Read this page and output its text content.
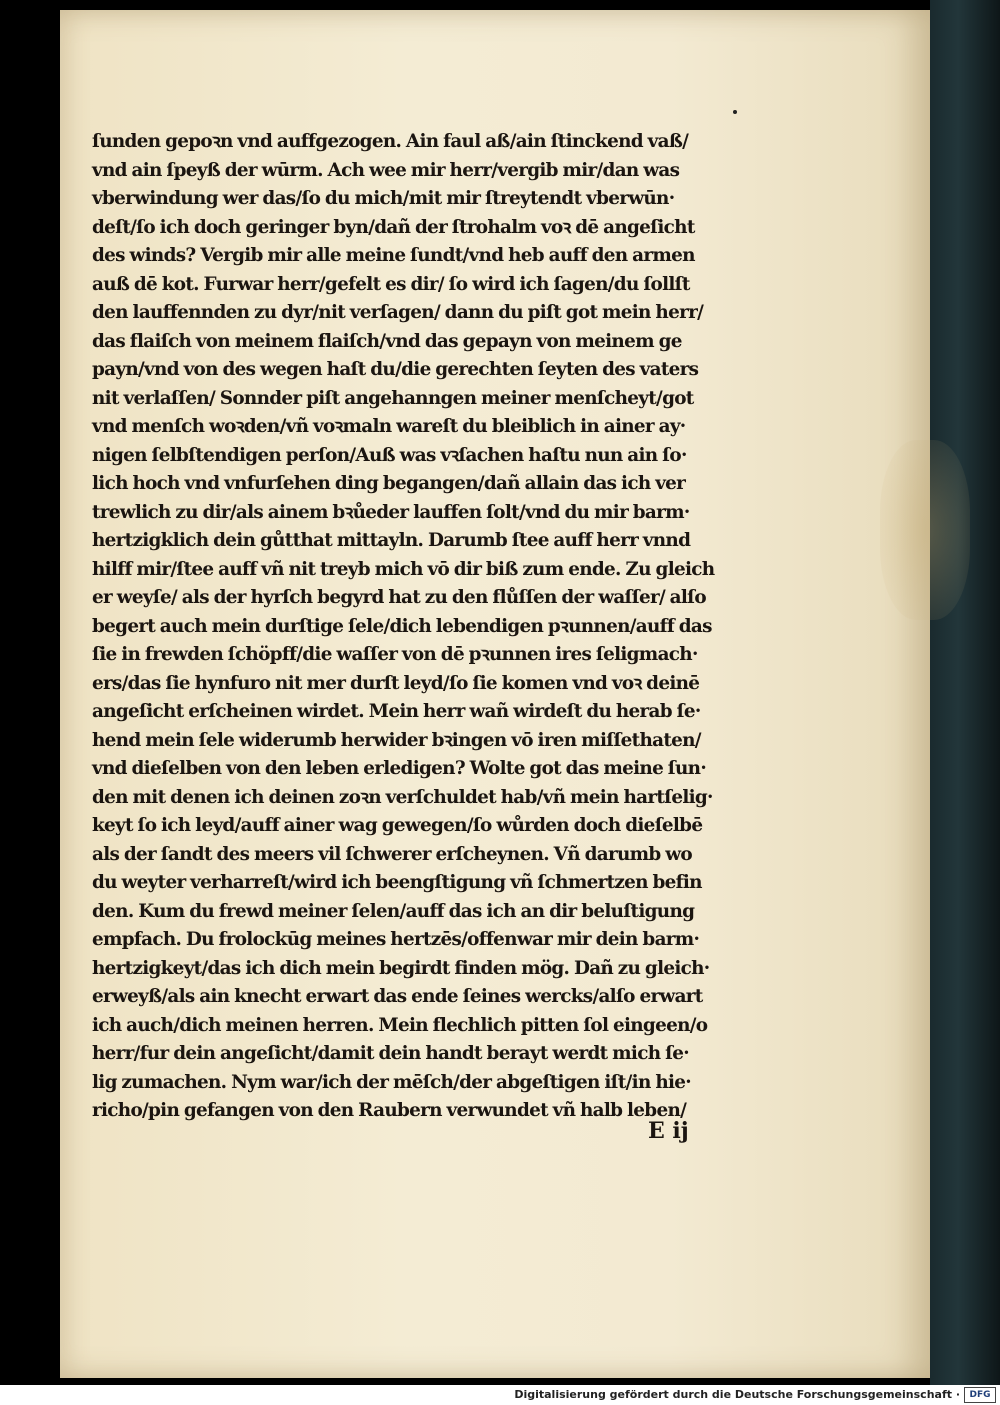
ſunden gepoꝛn vnd auffgezogen. Ain faul aß/ain ſtinckend vaß/
vnd ain ſpeyß der wūrm. Ach wee mir herr/vergib mir/dan was
vberwindung wer das/ſo du mich/mit mir ſtreytendt vberwūn·
deſt/ſo ich doch geringer byn/dañ der ſtrohalm voꝛ dē angeſicht
des winds? Vergib mir alle meine ſundt/vnd heb auff den armen
auß dē kot. Furwar herr/gefelt es dir/ ſo wird ich ſagen/du ſollſt
den lauffennden zu dyr/nit verſagen/ dann du piſt got mein herr/
das flaiſch von meinem flaiſch/vnd das gepayn von meinem ge
payn/vnd von des wegen haſt du/die gerechten ſeyten des vaters
nit verlaſſen/ Sonnder piſt angehanngen meiner menſcheyt/got
vnd menſch woꝛden/vñ voꝛmaln wareſt du bleiblich in ainer ay·
nigen ſelbſtendigen perſon/Auß was vꝛſachen haſtu nun ain ſo·
lich hoch vnd vnfurſehen ding begangen/dañ allain das ich ver
trewlich zu dir/als ainem bꝛůeder lauffen ſolt/vnd du mir barm·
hertzigklich dein gůtthat mittayln. Darumb ſtee auff herr vnnd
hilff mir/ſtee auff vñ nit treyb mich vō dir biß zum ende. Zu gleich
er weyſe/ als der hyrſch begyrd hat zu den flůſſen der waſſer/ alſo
begert auch mein durſtige ſele/dich lebendigen pꝛunnen/auff das
ſie in frewden ſchöpff/die waſſer von dē pꝛunnen ires ſeligmach·
ers/das ſie hynfuro nit mer durſt leyd/ſo ſie komen vnd voꝛ deinē
angeſicht erſcheinen wirdet. Mein herr wañ wirdeſt du herab ſe·
hend mein ſele widerumb herwider bꝛingen vō iren miſſethaten/
vnd dieſelben von den leben erledigen? Wolte got das meine ſun·
den mit denen ich deinen zoꝛn verſchuldet hab/vñ mein hartſelig·
keyt ſo ich leyd/auff ainer wag gewegen/ſo wůrden doch dieſelbē
als der ſandt des meers vil ſchwerer erſcheynen. Vñ darumb wo
du weyter verharreſt/wird ich beengſtigung vñ ſchmertzen befin
den. Kum du frewd meiner ſelen/auff das ich an dir beluſtigung
empfach. Du frolockūg meines hertzēs/offenwar mir dein barm·
hertzigkeyt/das ich dich mein begirdt finden mög. Dañ zu gleich·
erweyß/als ain knecht erwart das ende ſeines wercks/alſo erwart
ich auch/dich meinen herren. Mein flechlich pitten ſol eingeen/o
herr/fur dein angeſicht/damit dein handt berayt werdt mich ſe·
lig zumachen. Nym war/ich der mēſch/der abgeſtigen iſt/in hie·
richo/pin gefangen von den Raubern verwundet vñ halb leben/
E ij
Digitalisierung gefördert durch die Deutsche Forschungsgemeinschaft ·	DFG
